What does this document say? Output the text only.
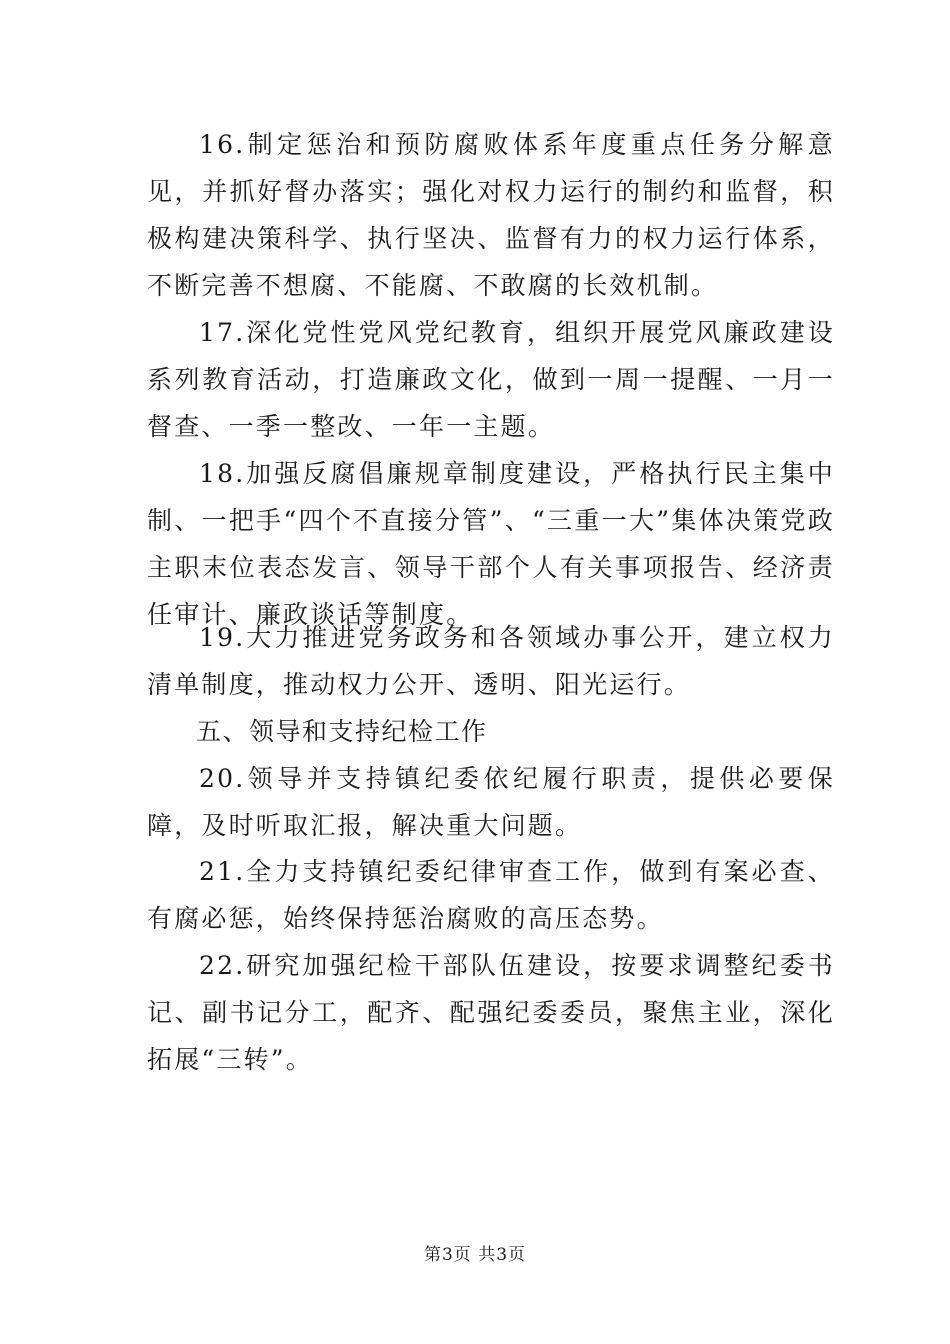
16.制定惩治和预防腐败体系年度重点任务分解意见，并抓好督办落实；强化对权力运行的制约和监督，积极构建决策科学、执行坚决、监督有力的权力运行体系，不断完善不想腐、不能腐、不敢腐的长效机制。

17.深化党性党风党纪教育，组织开展党风廉政建设系列教育活动，打造廉政文化，做到一周一提醒、一月一督查、一季一整改、一年一主题。

18.加强反腐倡廉规章制度建设，严格执行民主集中制、一把手“四个不直接分管”、“三重一大”集体决策党政主职末位表态发言、领导干部个人有关事项报告、经济责任审计、廉政谈话等制度。

19.大力推进党务政务和各领域办事公开，建立权力清单制度，推动权力公开、透明、阳光运行。

五、领导和支持纪检工作

20.领导并支持镇纪委依纪履行职责，提供必要保障，及时听取汇报，解决重大问题。

21.全力支持镇纪委纪律审查工作，做到有案必查、有腐必惩，始终保持惩治腐败的高压态势。

22.研究加强纪检干部队伍建设，按要求调整纪委书记、副书记分工，配齐、配强纪委委员，聚焦主业，深化拓展“三转”。

第3页 共3页
